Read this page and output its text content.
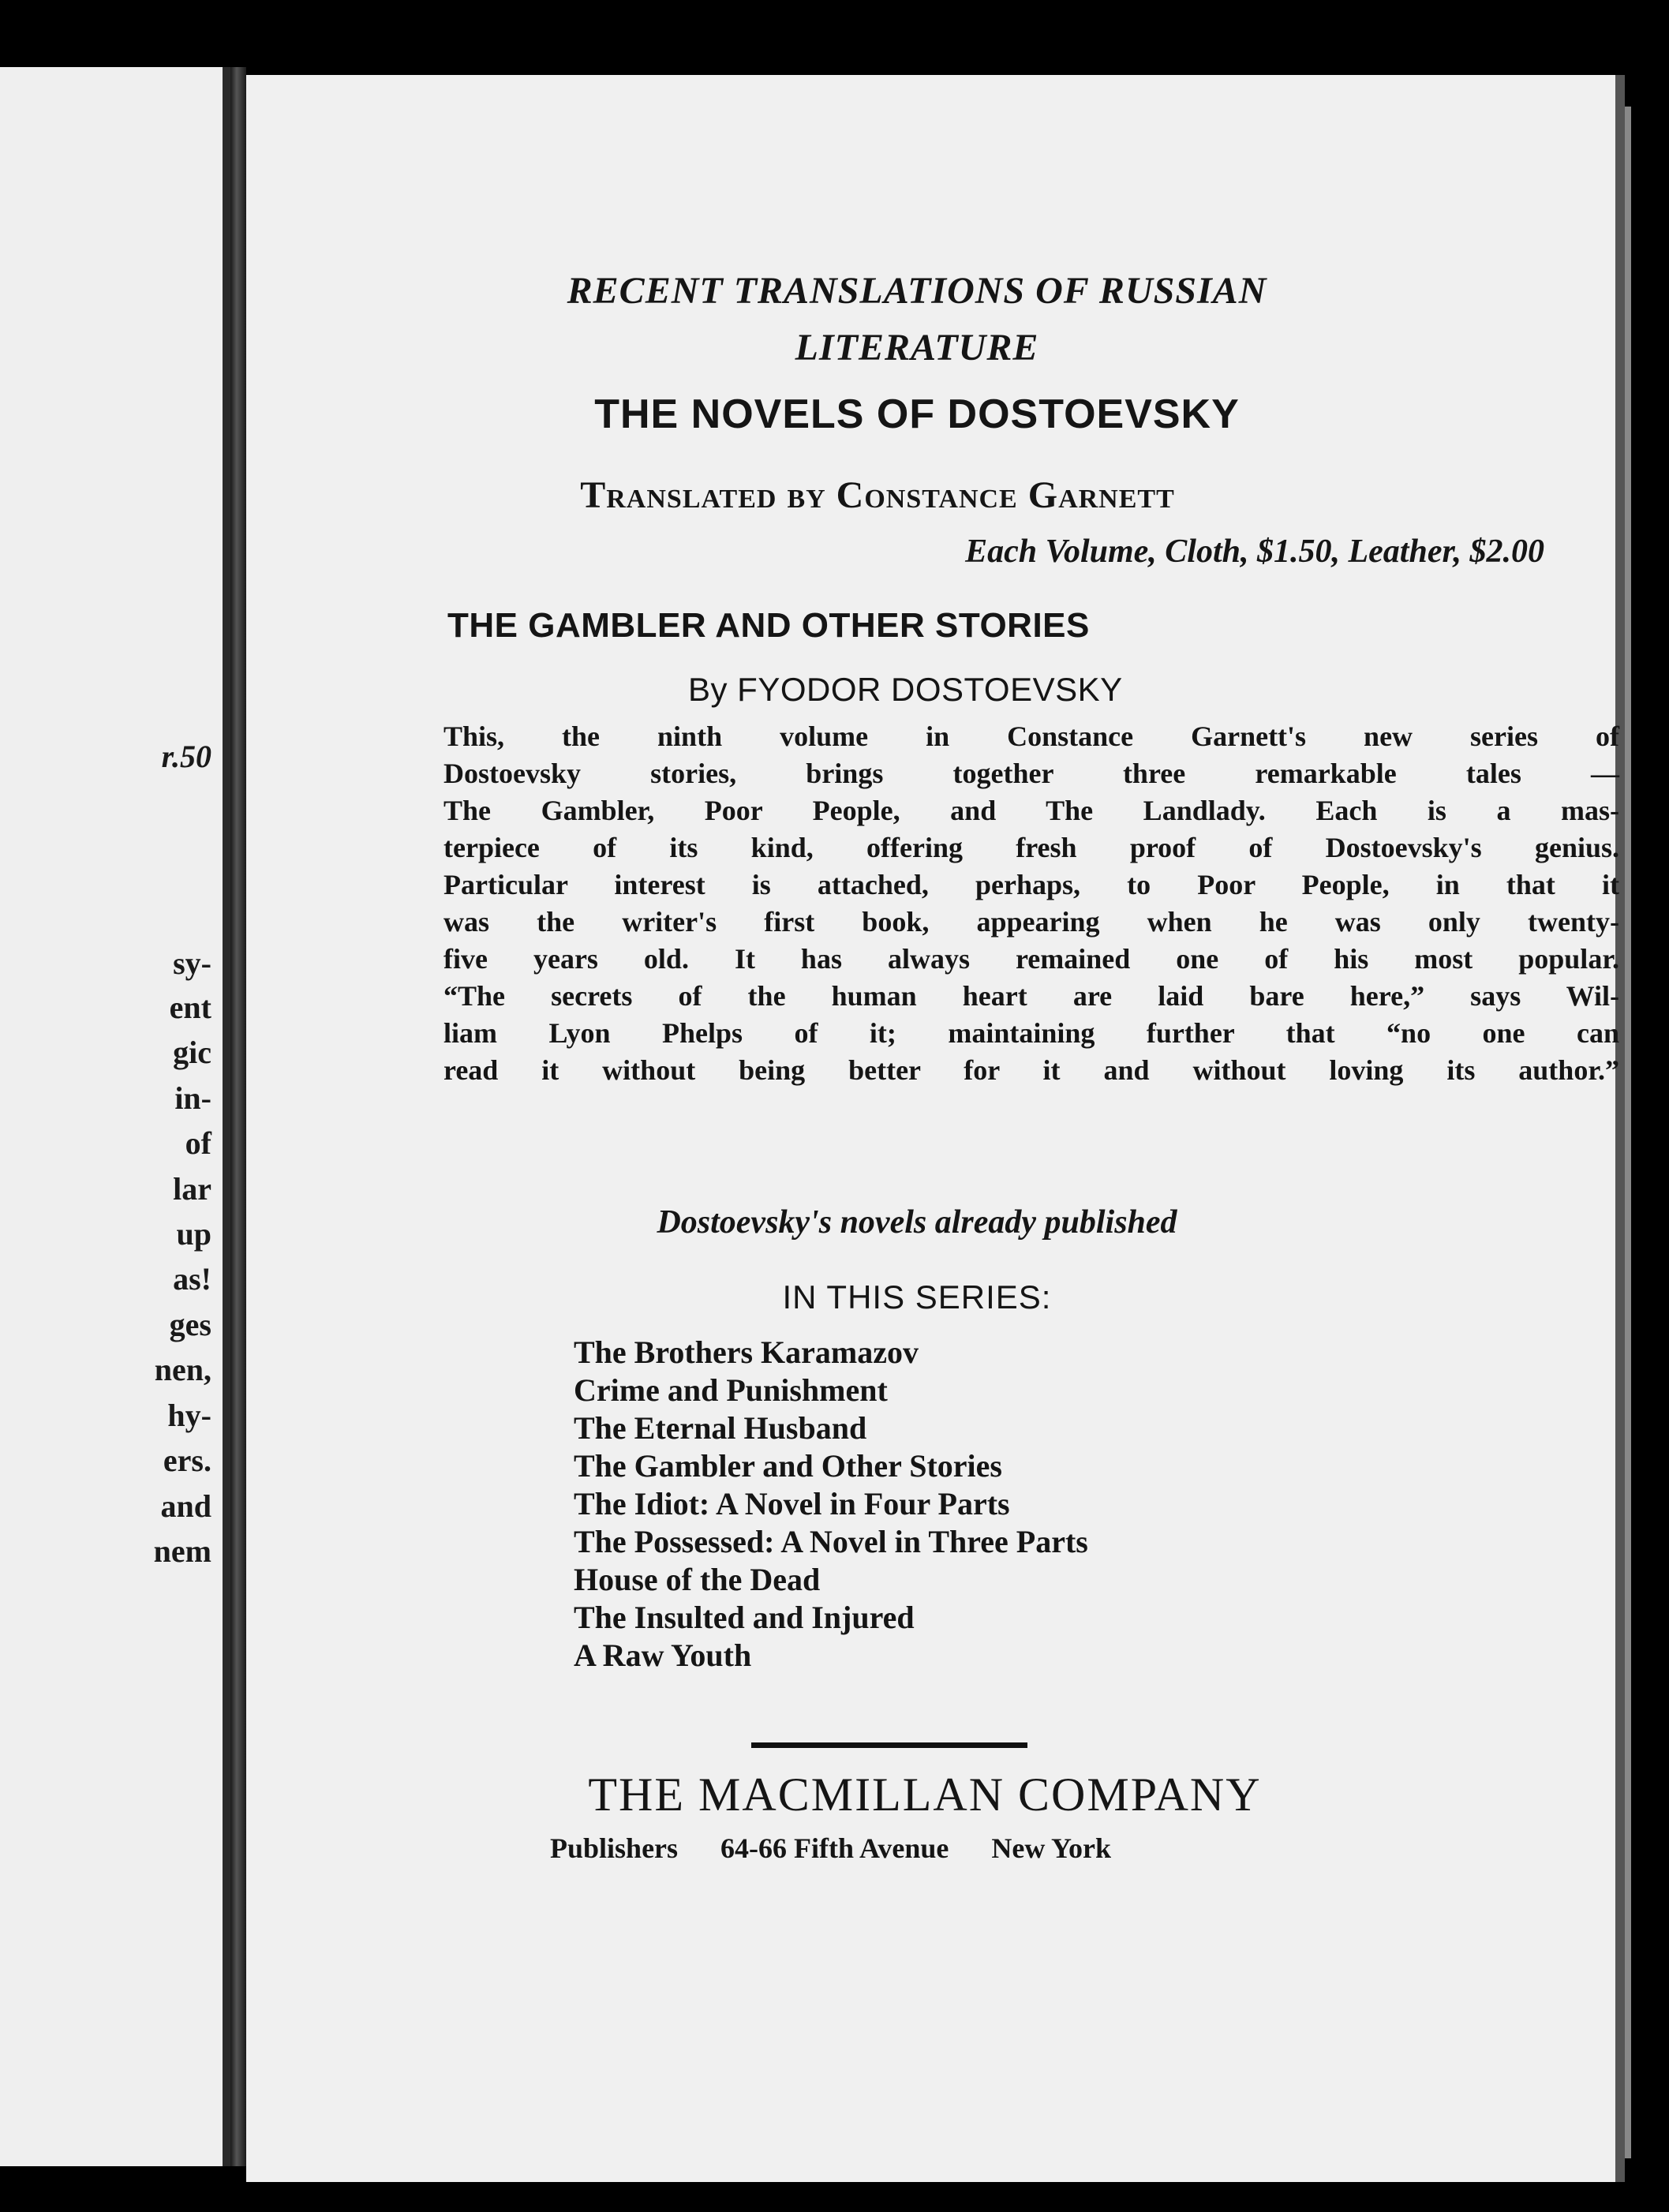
r.50

sy-

ent

gic

in-

of

lar

up

as!

ges

nen,

hy-

ers.

and

nem

RECENT TRANSLATIONS OF RUSSIAN

LITERATURE

THE NOVELS OF DOSTOEVSKY

Translated by Constance Garnett

Each Volume, Cloth, $1.50, Leather, $2.00

THE GAMBLER AND OTHER STORIES

By FYODOR DOSTOEVSKY

This, the ninth volume in Constance Garnett's new series of
Dostoevsky stories, brings together three remarkable tales —
The Gambler, Poor People, and The Landlady. Each is a mas-
terpiece of its kind, offering fresh proof of Dostoevsky's genius.
Particular interest is attached, perhaps, to Poor People, in that it
was the writer's first book, appearing when he was only twenty-
five years old. It has always remained one of his most popular.
“The secrets of the human heart are laid bare here,” says Wil-
liam Lyon Phelps of it; maintaining further that “no one can
read it without being better for it and without loving its author.”

Dostoevsky's novels already published

IN THIS SERIES:

The Brothers Karamazov
Crime and Punishment
The Eternal Husband
The Gambler and Other Stories
The Idiot: A Novel in Four Parts
The Possessed: A Novel in Three Parts
House of the Dead
The Insulted and Injured
A Raw Youth

THE MACMILLAN COMPANY

Publishers 64-66 Fifth Avenue New York
